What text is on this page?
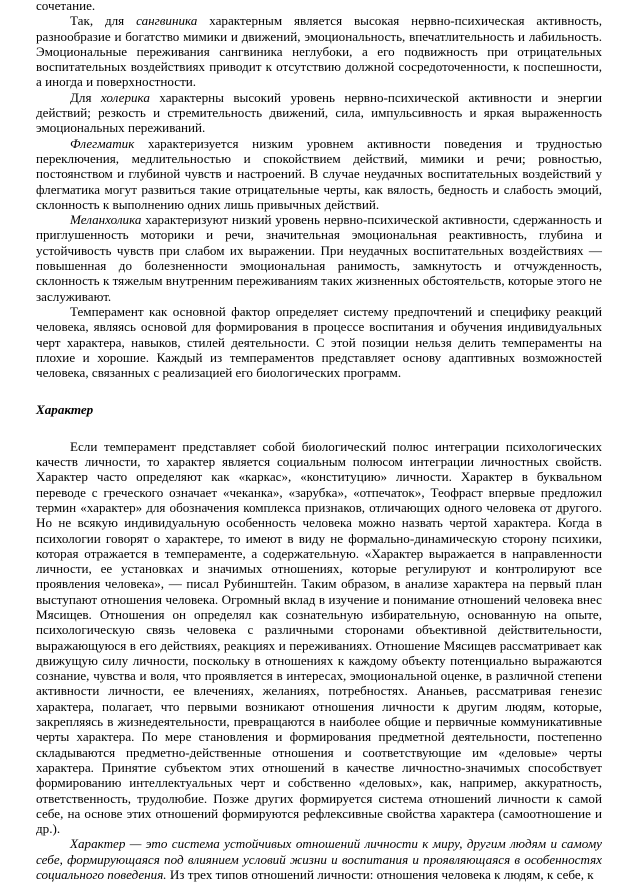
сочетание.

Так, для сангвиника характерным является высокая нервно-психическая активность, разнообразие и богатство мимики и движений, эмоциональность, впечатлительность и лабильность. Эмоциональные переживания сангвиника неглубоки, а его подвижность при отрицательных воспитательных воздействиях приводит к отсутствию должной сосредоточенности, к поспешности, а иногда и поверхностности.

Для холерика характерны высокий уровень нервно-психической активности и энергии действий; резкость и стремительность движений, сила, импульсивность и яркая выраженность эмоциональных переживаний.

Флегматик характеризуется низким уровнем активности поведения и трудностью переключения, медлительностью и спокойствием действий, мимики и речи; ровностью, постоянством и глубиной чувств и настроений. В случае неудачных воспитательных воздействий у флегматика могут развиться такие отрицательные черты, как вялость, бедность и слабость эмоций, склонность к выполнению одних лишь привычных действий.

Меланхолика характеризуют низкий уровень нервно-психической активности, сдержанность и приглушенность моторики и речи, значительная эмоциональная реактивность, глубина и устойчивость чувств при слабом их выражении. При неудачных воспитательных воздействиях — повышенная до болезненности эмоциональная ранимость, замкнутость и отчужденность, склонность к тяжелым внутренним переживаниям таких жизненных обстоятельств, которые этого не заслуживают.

Темперамент как основной фактор определяет систему предпочтений и специфику реакций человека, являясь основой для формирования в процессе воспитания и обучения индивидуальных черт характера, навыков, стилей деятельности. С этой позиции нельзя делить темпераменты на плохие и хорошие. Каждый из темпераментов представляет основу адаптивных возможностей человека, связанных с реализацией его биологических программ.

Характер

Если темперамент представляет собой биологический полюс интеграции психологических качеств личности, то характер является социальным полюсом интеграции личностных свойств. Характер часто определяют как «каркас», «конституцию» личности. Характер в буквальном переводе с греческого означает «чеканка», «зарубка», «отпечаток», Теофраст впервые предложил термин «характер» для обозначения комплекса признаков, отличающих одного человека от другого. Но не всякую индивидуальную особенность человека можно назвать чертой характера. Когда в психологии говорят о характере, то имеют в виду не формально-динамическую сторону психики, которая отражается в темпераменте, а содержательную. «Характер выражается в направленности личности, ее установках и значимых отношениях, которые регулируют и контролируют все проявления человека», — писал Рубинштейн. Таким образом, в анализе характера на первый план выступают отношения человека. Огромный вклад в изучение и понимание отношений человека внес Мясищев. Отношения он определял как сознательную избирательную, основанную на опыте, психологическую связь человека с различными сторонами объективной действительности, выражающуюся в его действиях, реакциях и переживаниях. Отношение Мясищев рассматривает как движущую силу личности, поскольку в отношениях к каждому объекту потенциально выражаются сознание, чувства и воля, что проявляется в интересах, эмоциональной оценке, в различной степени активности личности, ее влечениях, желаниях, потребностях. Ананьев, рассматривая генезис характера, полагает, что первыми возникают отношения личности к другим людям, которые, закрепляясь в жизнедеятельности, превращаются в наиболее общие и первичные коммуникативные черты характера. По мере становления и формирования предметной деятельности, постепенно складываются предметно-действенные отношения и соответствующие им «деловые» черты характера. Принятие субъектом этих отношений в качестве личностно-значимых способствует формированию интеллектуальных черт и собственно «деловых», как, например, аккуратность, ответственность, трудолюбие. Позже других формируется система отношений личности к самой себе, на основе этих отношений формируются рефлексивные свойства характера (самоотношение и др.).

Характер — это система устойчивых отношений личности к миру, другим людям и самому себе, формирующаяся под влиянием условий жизни и воспитания и проявляющаяся в особенностях социального поведения. Из трех типов отношений личности: отношения человека к людям, к себе, к
